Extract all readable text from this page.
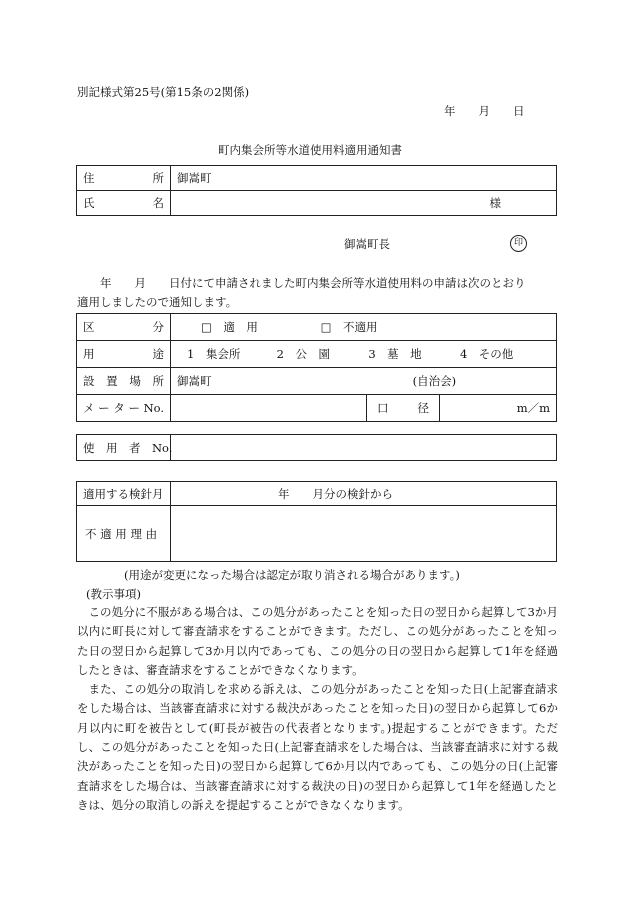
別記様式第25号(第15条の2関係)
年　　月　　日
町内集会所等水道使用料適用通知書
住 所	御嵩町

氏 名	様
御嵩町長	印
　　年　　月　　日付にて申請されました町内集会所等水道使用料の申請は次のとおり
適用しましたので通知します。
区 分	□　適　用 □　不適用		

用 途	1　集会所 2　公　園 3　墓　地 4　その他		

設 置 場 所	御嵩町 (自治会)		
メ ー タ ー No.		口 径	m／m
使　用　者　No.	
適用する検針月	年　　月分の検針から
不 適 用 理 由	
(用途が変更になった場合は認定が取り消される場合があります。)
(教示事項)

この処分に不服がある場合は、この処分があったことを知った日の翌日から起算して3か月以内に町長に対して審査請求をすることができます。ただし、この処分があったことを知った日の翌日から起算して3か月以内であっても、この処分の日の翌日から起算して1年を経過したときは、審査請求をすることができなくなります。

また、この処分の取消しを求める訴えは、この処分があったことを知った日(上記審査請求をした場合は、当該審査請求に対する裁決があったことを知った日)の翌日から起算して6か月以内に町を被告として(町長が被告の代表者となります。)提起することができます。ただし、この処分があったことを知った日(上記審査請求をした場合は、当該審査請求に対する裁決があったことを知った日)の翌日から起算して6か月以内であっても、この処分の日(上記審査請求をした場合は、当該審査請求に対する裁決の日)の翌日から起算して1年を経過したときは、処分の取消しの訴えを提起することができなくなります。
